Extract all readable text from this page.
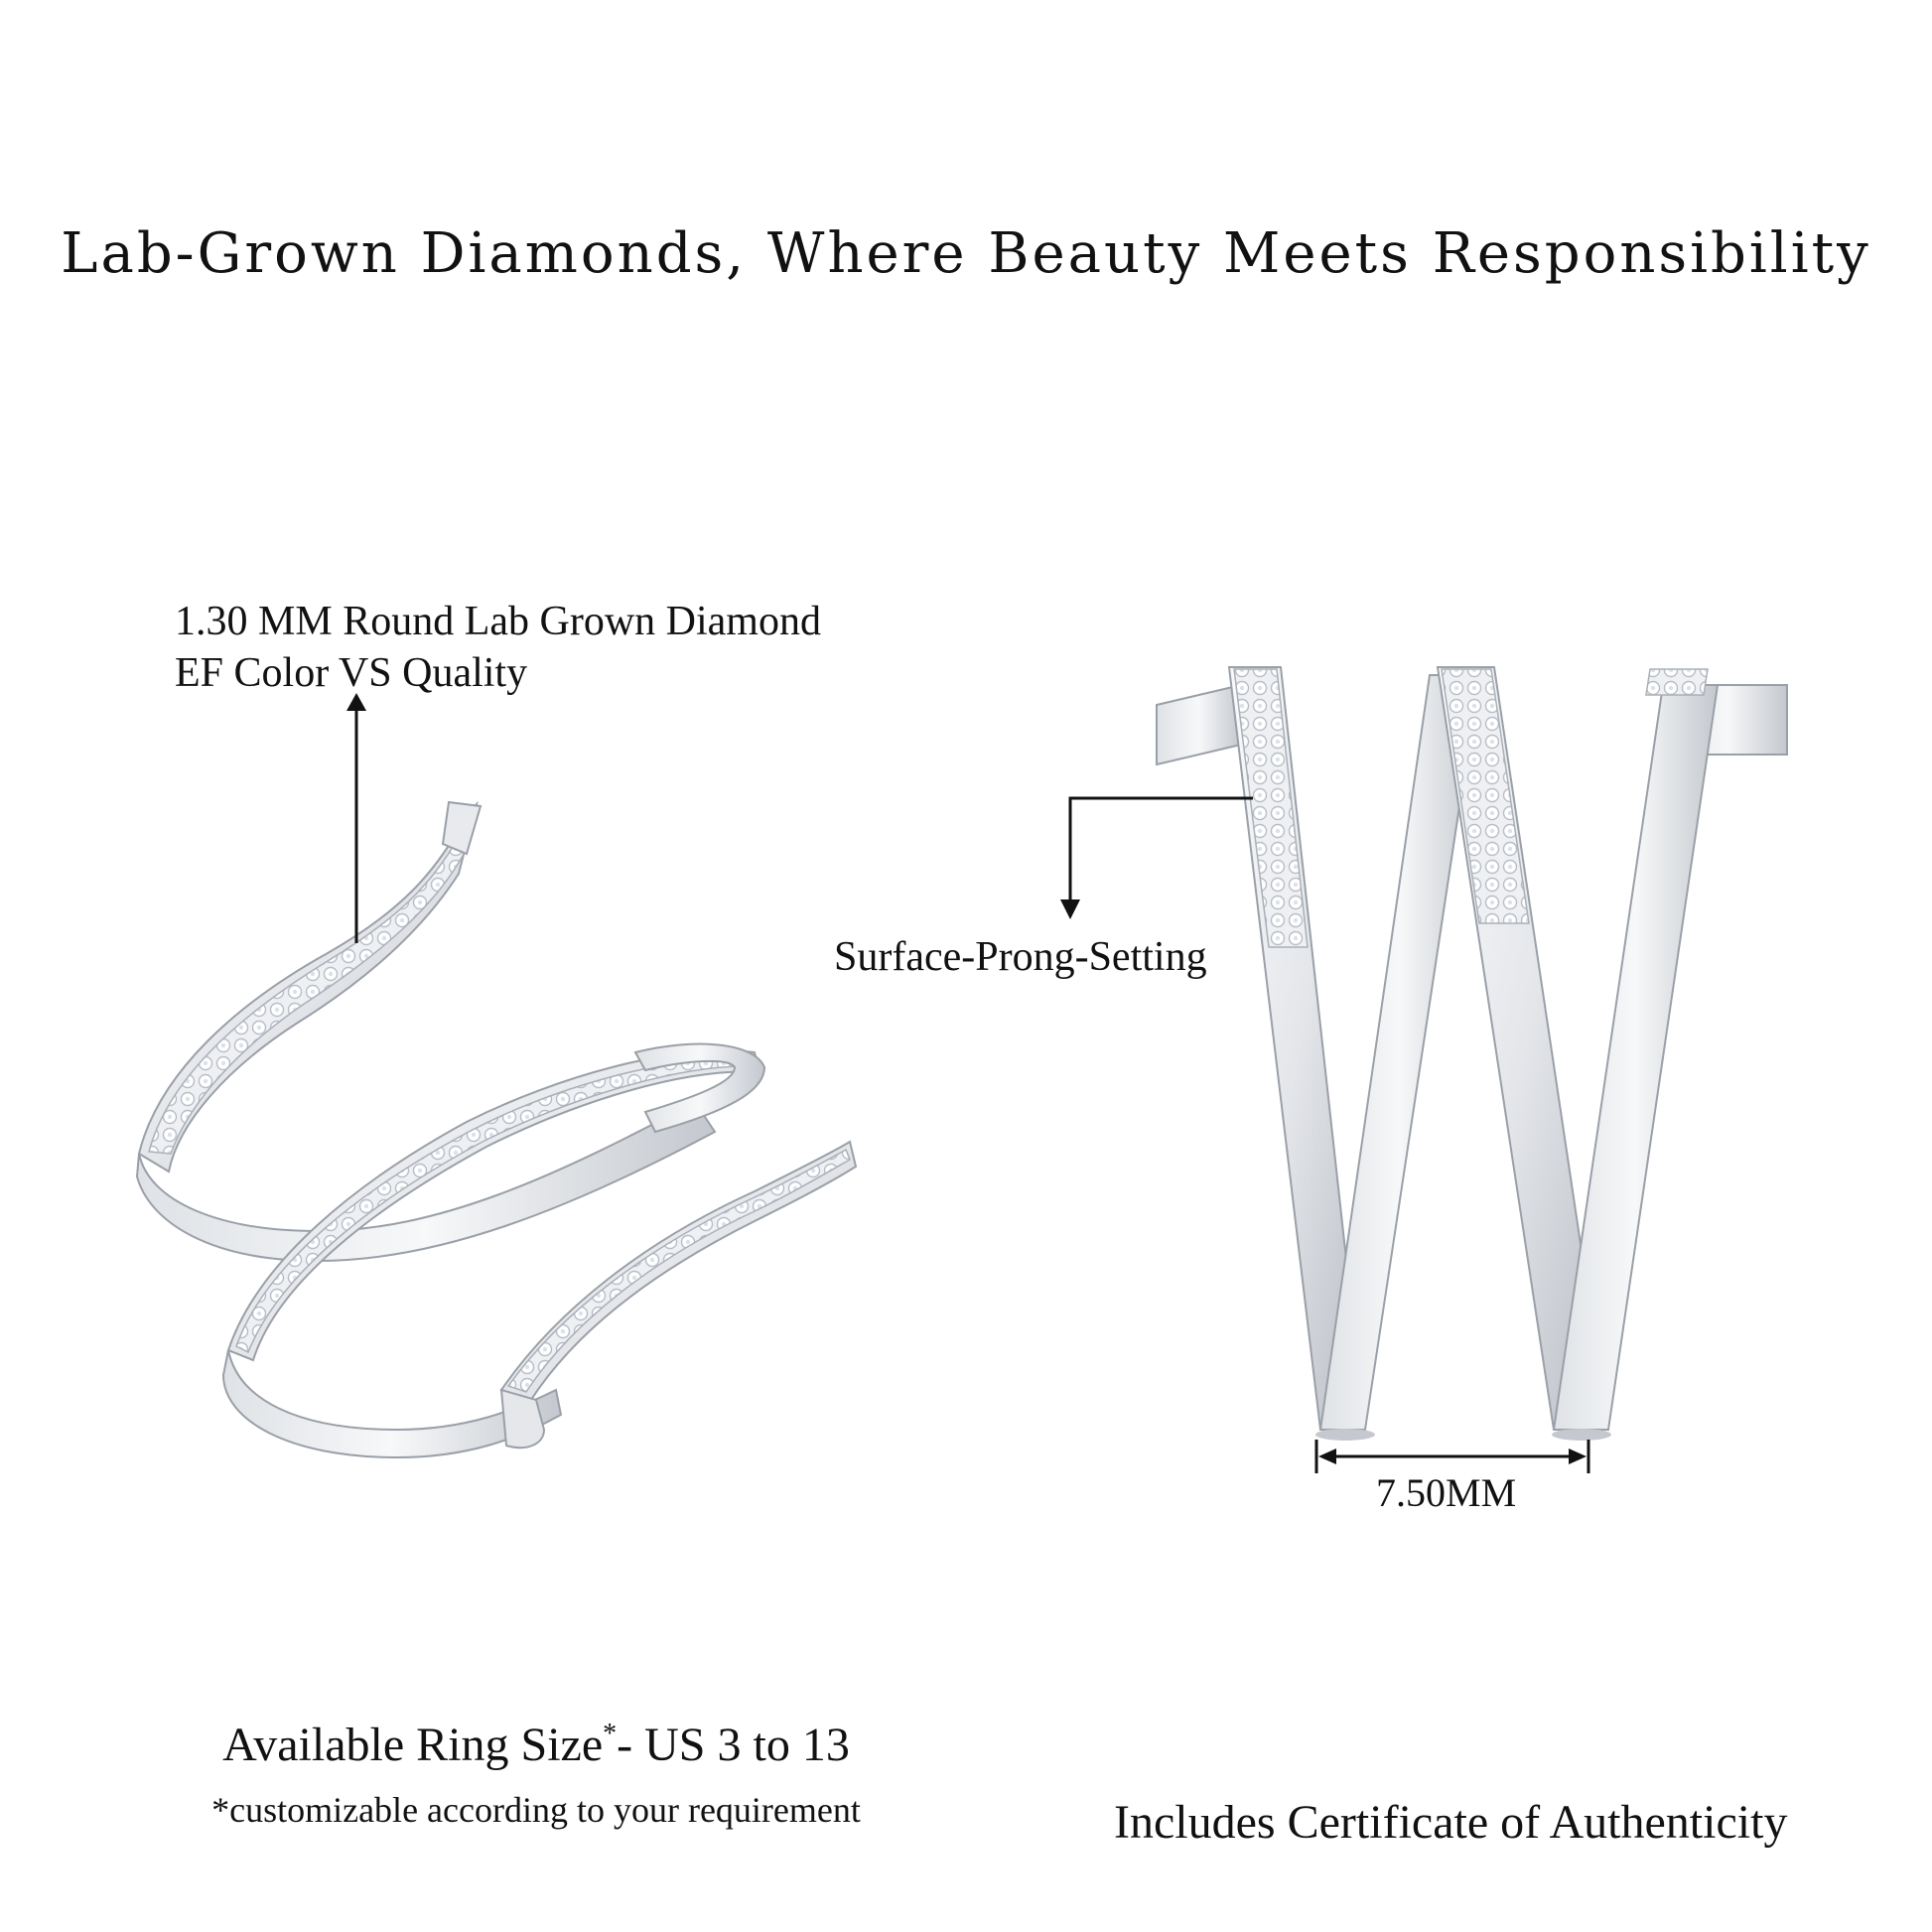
Lab-Grown Diamonds, Where Beauty Meets Responsibility
1.30 MM Round Lab Grown Diamond
EF Color VS Quality
Surface-Prong-Setting
7.50MM
Available Ring Size*- US 3 to 13
*customizable according to your requirement	Includes Certificate of Authenticity
